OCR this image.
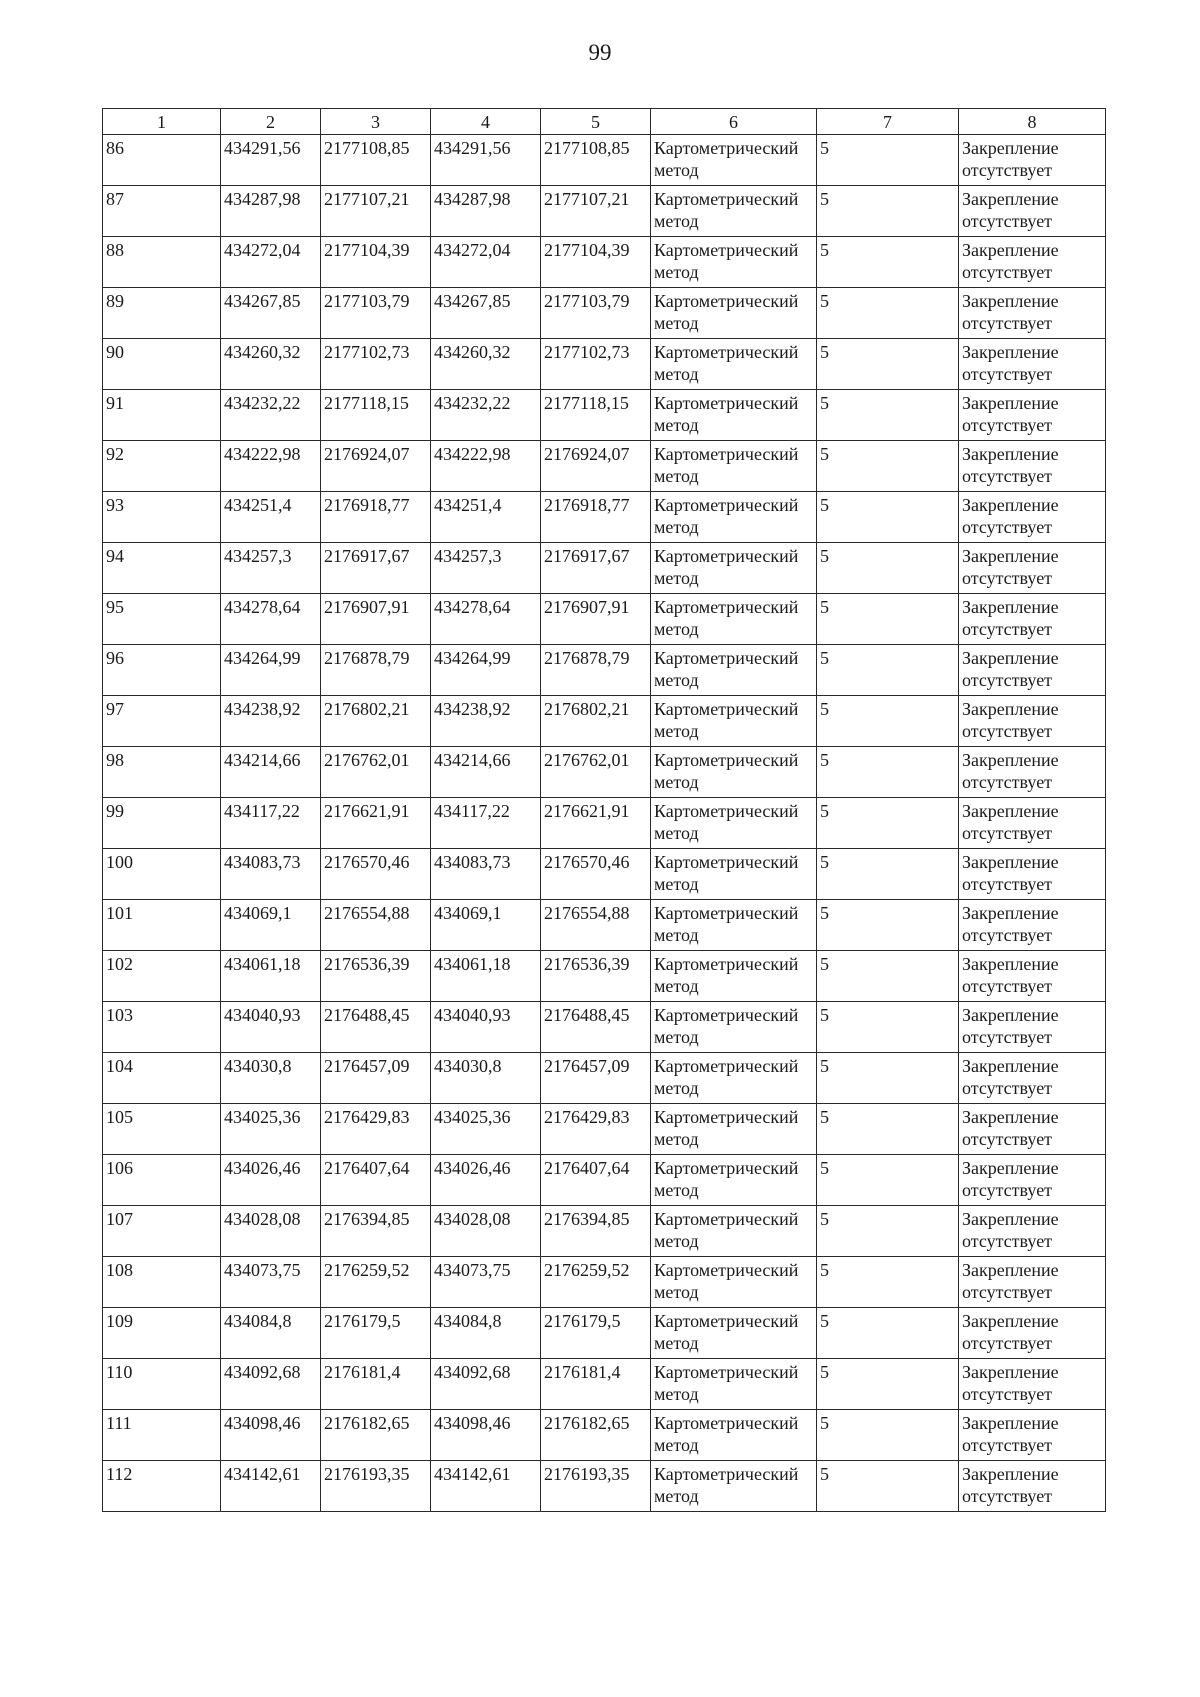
99
1	2	3	4	5	6	7	8
86	434291,56	2177108,85	434291,56	2177108,85	Картометрический метод	5	Закрепление отсутствует
87	434287,98	2177107,21	434287,98	2177107,21	Картометрический метод	5	Закрепление отсутствует
88	434272,04	2177104,39	434272,04	2177104,39	Картометрический метод	5	Закрепление отсутствует
89	434267,85	2177103,79	434267,85	2177103,79	Картометрический метод	5	Закрепление отсутствует
90	434260,32	2177102,73	434260,32	2177102,73	Картометрический метод	5	Закрепление отсутствует
91	434232,22	2177118,15	434232,22	2177118,15	Картометрический метод	5	Закрепление отсутствует
92	434222,98	2176924,07	434222,98	2176924,07	Картометрический метод	5	Закрепление отсутствует
93	434251,4	2176918,77	434251,4	2176918,77	Картометрический метод	5	Закрепление отсутствует
94	434257,3	2176917,67	434257,3	2176917,67	Картометрический метод	5	Закрепление отсутствует
95	434278,64	2176907,91	434278,64	2176907,91	Картометрический метод	5	Закрепление отсутствует
96	434264,99	2176878,79	434264,99	2176878,79	Картометрический метод	5	Закрепление отсутствует
97	434238,92	2176802,21	434238,92	2176802,21	Картометрический метод	5	Закрепление отсутствует
98	434214,66	2176762,01	434214,66	2176762,01	Картометрический метод	5	Закрепление отсутствует
99	434117,22	2176621,91	434117,22	2176621,91	Картометрический метод	5	Закрепление отсутствует
100	434083,73	2176570,46	434083,73	2176570,46	Картометрический метод	5	Закрепление отсутствует
101	434069,1	2176554,88	434069,1	2176554,88	Картометрический метод	5	Закрепление отсутствует
102	434061,18	2176536,39	434061,18	2176536,39	Картометрический метод	5	Закрепление отсутствует
103	434040,93	2176488,45	434040,93	2176488,45	Картометрический метод	5	Закрепление отсутствует
104	434030,8	2176457,09	434030,8	2176457,09	Картометрический метод	5	Закрепление отсутствует
105	434025,36	2176429,83	434025,36	2176429,83	Картометрический метод	5	Закрепление отсутствует
106	434026,46	2176407,64	434026,46	2176407,64	Картометрический метод	5	Закрепление отсутствует
107	434028,08	2176394,85	434028,08	2176394,85	Картометрический метод	5	Закрепление отсутствует
108	434073,75	2176259,52	434073,75	2176259,52	Картометрический метод	5	Закрепление отсутствует
109	434084,8	2176179,5	434084,8	2176179,5	Картометрический метод	5	Закрепление отсутствует
110	434092,68	2176181,4	434092,68	2176181,4	Картометрический метод	5	Закрепление отсутствует
111	434098,46	2176182,65	434098,46	2176182,65	Картометрический метод	5	Закрепление отсутствует
112	434142,61	2176193,35	434142,61	2176193,35	Картометрический метод	5	Закрепление отсутствует
